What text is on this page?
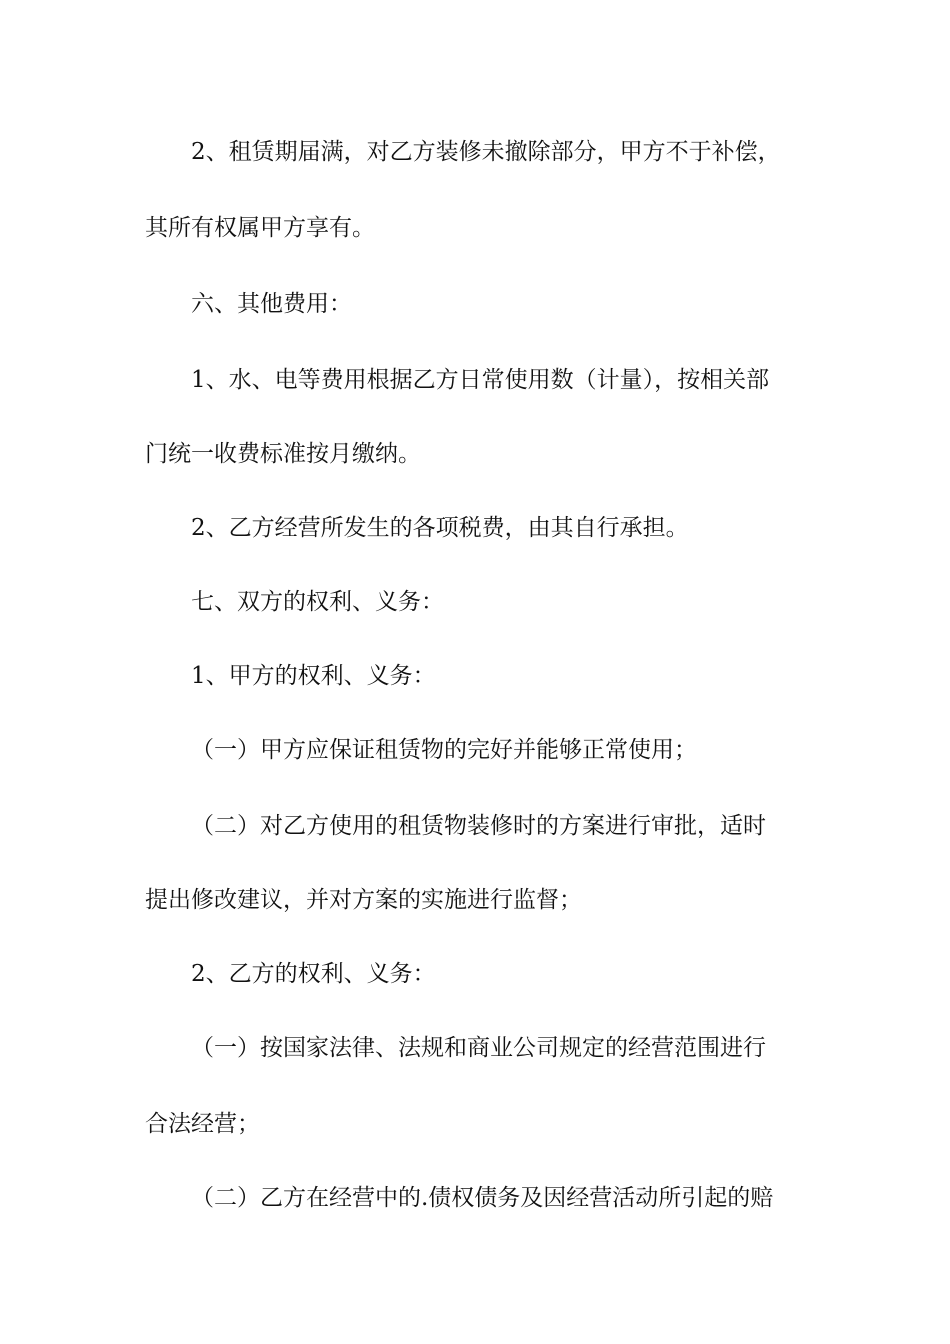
2、租赁期届满，对乙方装修未撤除部分，甲方不于补偿，
其所有权属甲方享有。
六、其他费用：
1、水、电等费用根据乙方日常使用数（计量），按相关部
门统一收费标准按月缴纳。
2、乙方经营所发生的各项税费，由其自行承担。
七、双方的权利、义务：
1、甲方的权利、义务：
（一）甲方应保证租赁物的完好并能够正常使用；
（二）对乙方使用的租赁物装修时的方案进行审批，适时
提出修改建议，并对方案的实施进行监督；
2、乙方的权利、义务：
（一）按国家法律、法规和商业公司规定的经营范围进行
合法经营；
（二）乙方在经营中的.债权债务及因经营活动所引起的赔
